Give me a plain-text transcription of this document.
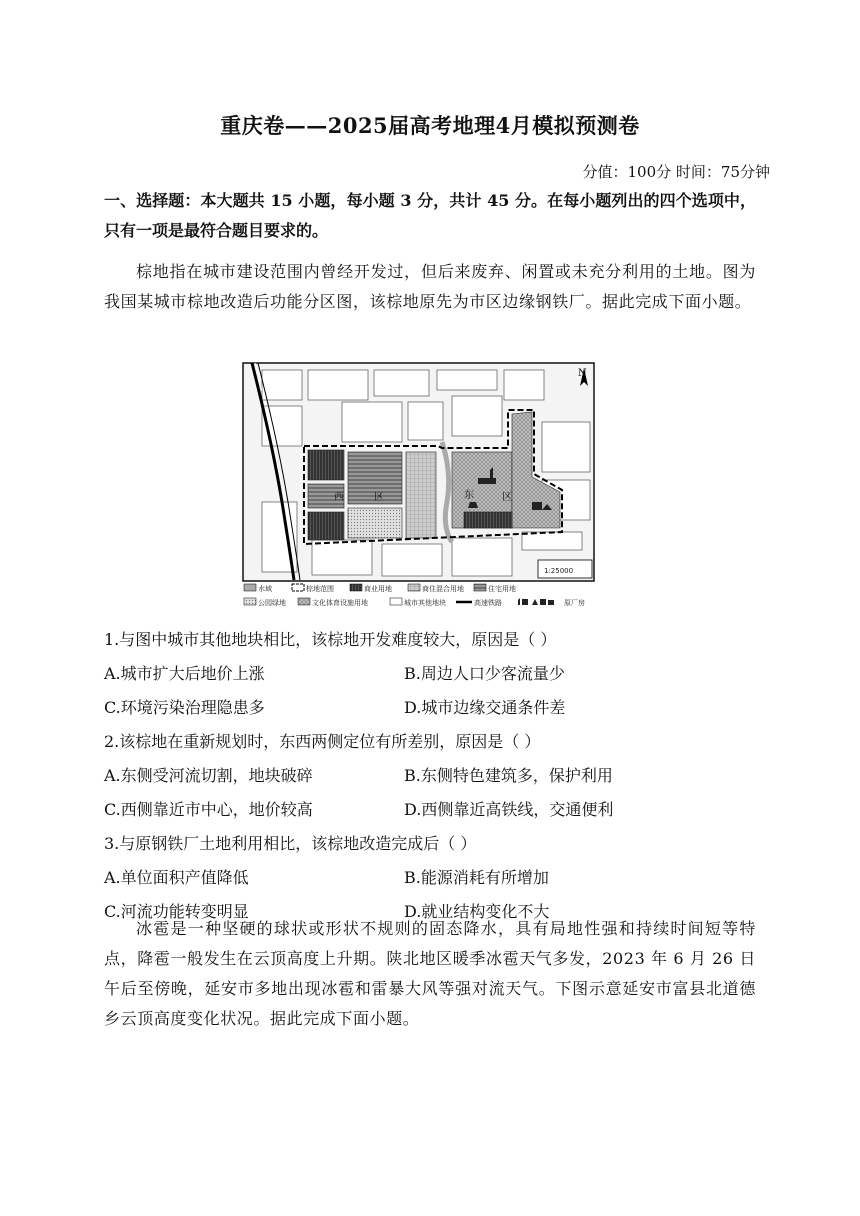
重庆卷——2025届高考地理4月模拟预测卷
分值：100分 时间：75分钟

一、选择题：本大题共 15 小题，每小题 3 分，共计 45 分。在每小题列出的四个选项中，只有一项是最符合题目要求的。

棕地指在城市建设范围内曾经开发过，但后来废弃、闲置或未充分利用的土地。图为我国某城市棕地改造后功能分区图，该棕地原先为市区边缘钢铁厂。据此完成下面小题。

西	区	东	区
N
1:25000
水域	棕地范围	商业用地	商住混合用地	住宅用地
公园绿地	文化体育设施用地	城市其他地块	高速铁路	原厂房
1.与图中城市其他地块相比，该棕地开发难度较大，原因是（ ）
A.城市扩大后地价上涨	B.周边人口少客流量少
C.环境污染治理隐患多	D.城市边缘交通条件差
2.该棕地在重新规划时，东西两侧定位有所差别，原因是（ ）
A.东侧受河流切割，地块破碎	B.东侧特色建筑多，保护利用
C.西侧靠近市中心，地价较高	D.西侧靠近高铁线，交通便利
3.与原钢铁厂土地利用相比，该棕地改造完成后（ ）
A.单位面积产值降低	B.能源消耗有所增加
C.河流功能转变明显	D.就业结构变化不大

冰雹是一种坚硬的球状或形状不规则的固态降水，具有局地性强和持续时间短等特点，降雹一般发生在云顶高度上升期。陕北地区暖季冰雹天气多发，2023 年 6 月 26 日午后至傍晚，延安市多地出现冰雹和雷暴大风等强对流天气。下图示意延安市富县北道德乡云顶高度变化状况。据此完成下面小题。
